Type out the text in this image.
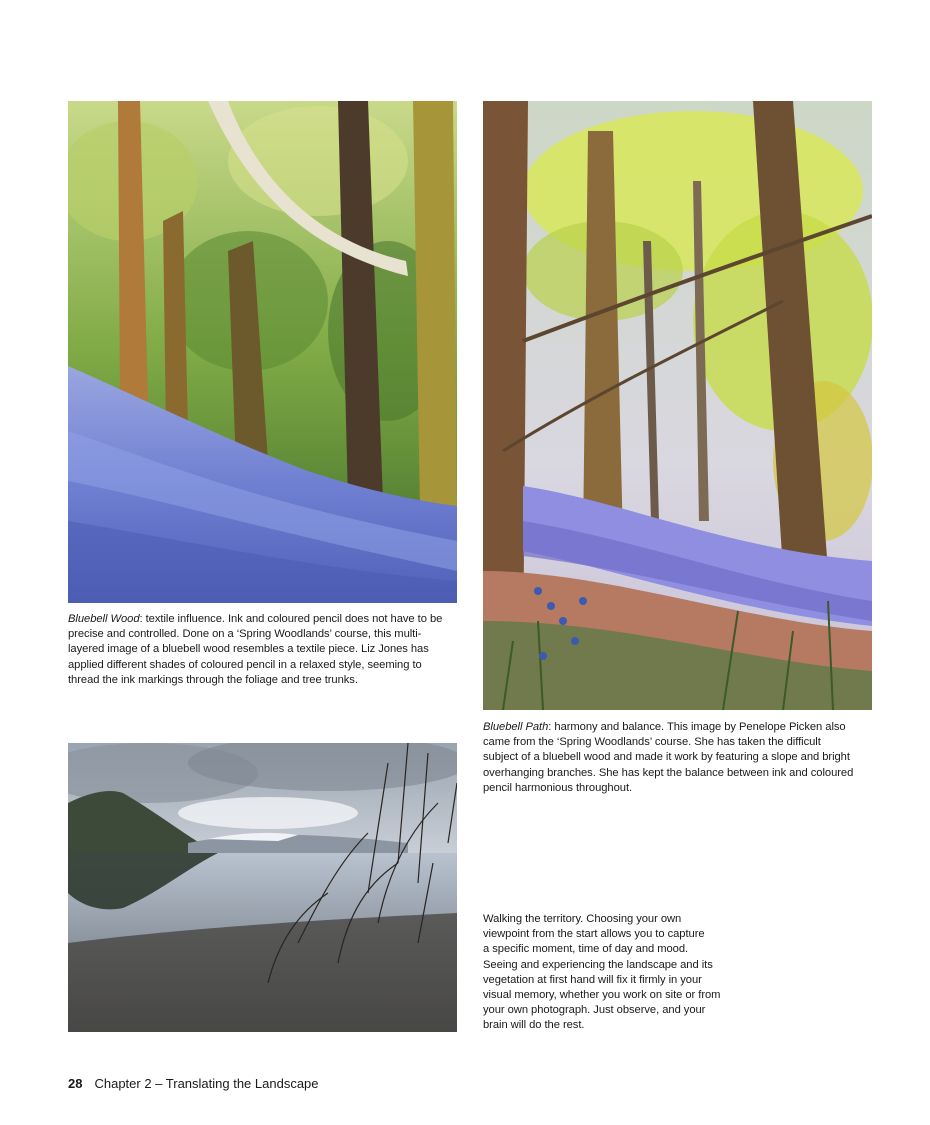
Bluebell Wood: textile influence. Ink and coloured pencil does not have to be
precise and controlled. Done on a ‘Spring Woodlands’ course, this multi-
layered image of a bluebell wood resembles a textile piece. Liz Jones has
applied different shades of coloured pencil in a relaxed style, seeming to
thread the ink markings through the foliage and tree trunks.

Bluebell Path: harmony and balance. This image by Penelope Picken also
came from the ‘Spring Woodlands’ course. She has taken the difficult
subject of a bluebell wood and made it work by featuring a slope and bright
overhanging branches. She has kept the balance between ink and coloured
pencil harmonious throughout.

Walking the territory. Choosing your own
viewpoint from the start allows you to capture
a specific moment, time of day and mood.
Seeing and experiencing the landscape and its
vegetation at first hand will fix it firmly in your
visual memory, whether you work on site or from
your own photograph. Just observe, and your
brain will do the rest.

28 Chapter 2 – Translating the Landscape
